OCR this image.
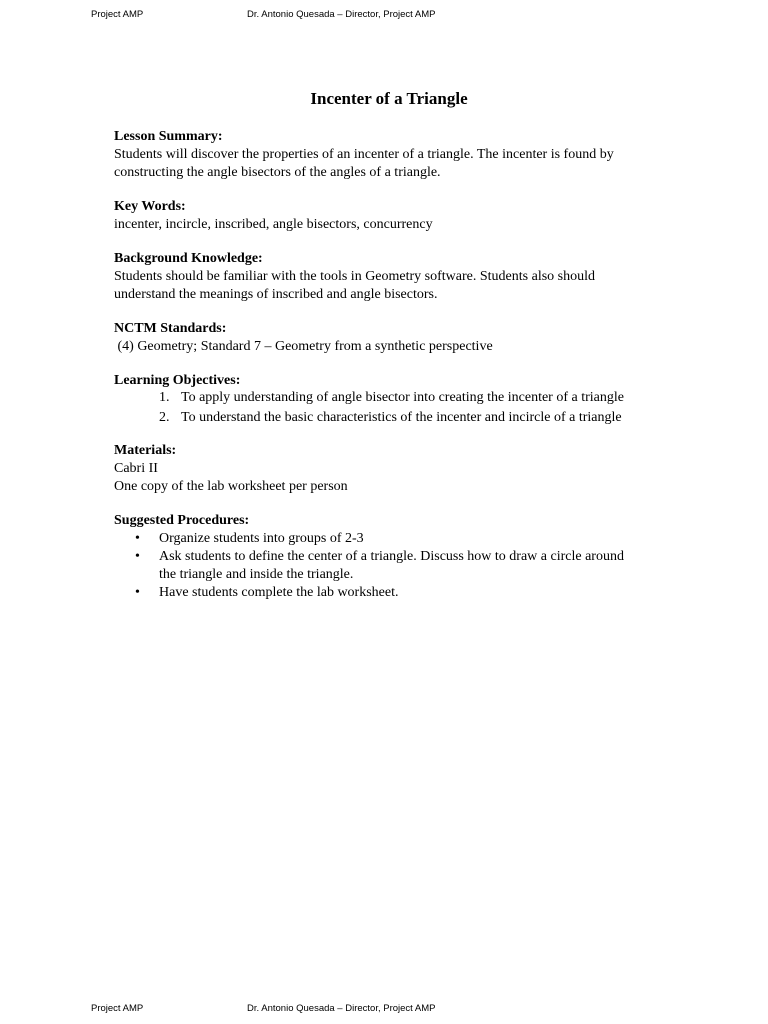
Project AMP	Dr. Antonio Quesada – Director, Project AMP
Incenter of a Triangle

Lesson Summary:

Students will discover the properties of an incenter of a triangle. The incenter is found by constructing the angle bisectors of the angles of a triangle.

Key Words:

incenter, incircle, inscribed, angle bisectors, concurrency

Background Knowledge:

Students should be familiar with the tools in Geometry software. Students also should understand the meanings of inscribed and angle bisectors.

NCTM Standards:

(4) Geometry; Standard 7 – Geometry from a synthetic perspective

Learning Objectives:

1. To apply understanding of angle bisector into creating the incenter of a triangle
2. To understand the basic characteristics of the incenter and incircle of a triangle

Materials:

Cabri II

One copy of the lab worksheet per person

Suggested Procedures:

• Organize students into groups of 2-3
• Ask students to define the center of a triangle. Discuss how to draw a circle around the triangle and inside the triangle.
• Have students complete the lab worksheet.
Project AMP	Dr. Antonio Quesada – Director, Project AMP
